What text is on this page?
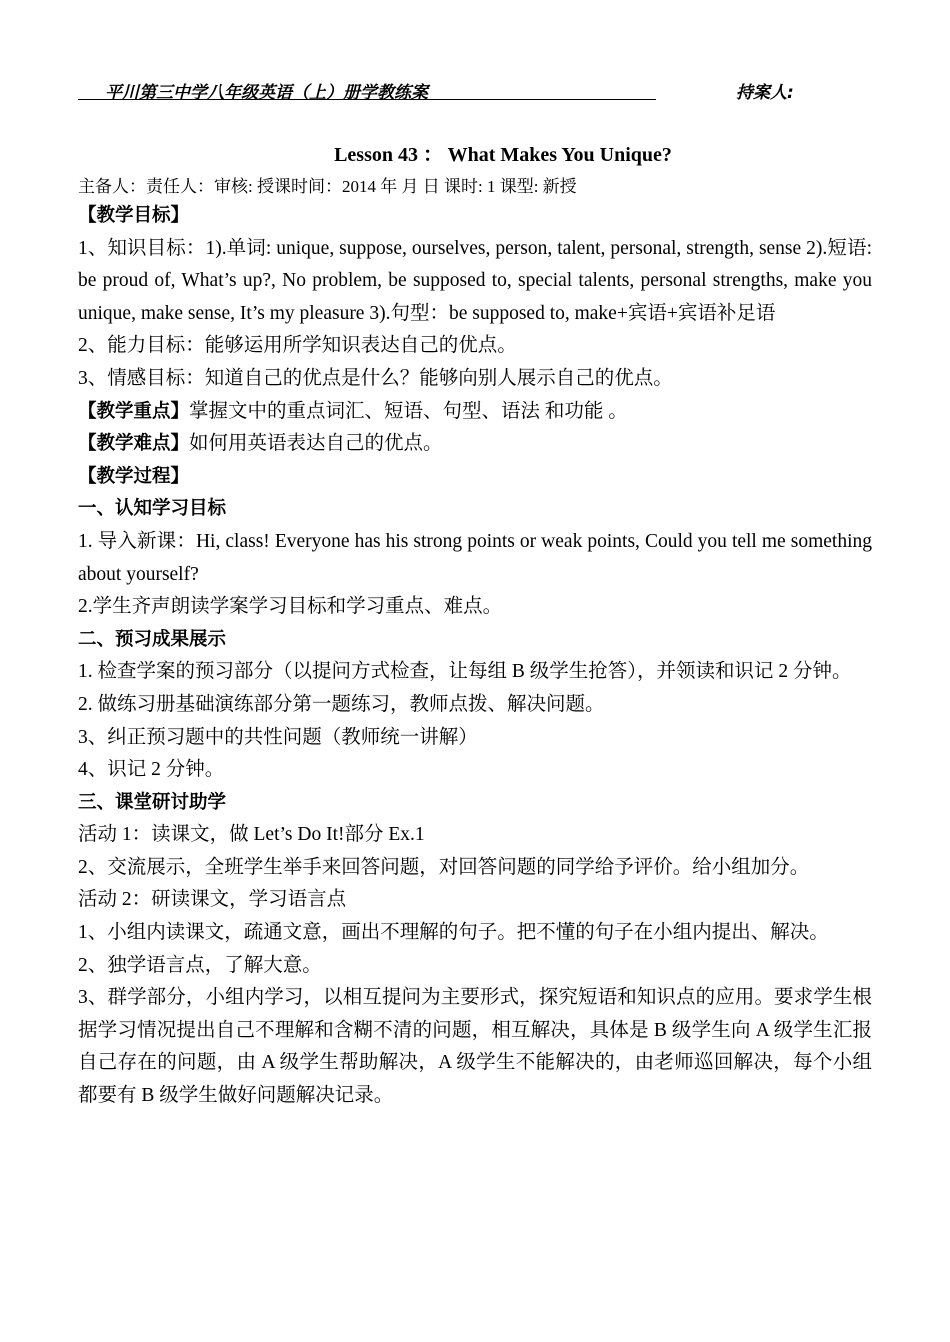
平川第三中学八年级英语（上）册学教练案	持案人:
Lesson 43 ： What Makes You Unique?
主备人：责任人：审核: 授课时间：2014 年 月 日 课时: 1 课型: 新授

【教学目标】

1、知识目标：1).单词: unique, suppose, ourselves, person, talent, personal, strength, sense 2).短语: be proud of, What’s up?, No problem, be supposed to, special talents, personal strengths, make you unique, make sense, It’s my pleasure 3).句型：be supposed to, make+宾语+宾语补足语

2、能力目标：能够运用所学知识表达自己的优点。

3、情感目标：知道自己的优点是什么？能够向别人展示自己的优点。

【教学重点】掌握文中的重点词汇、短语、句型、语法 和功能 。

【教学难点】如何用英语表达自己的优点。

【教学过程】

一、认知学习目标

1. 导入新课：Hi, class! Everyone has his strong points or weak points, Could you tell me something about yourself?

2.学生齐声朗读学案学习目标和学习重点、难点。

二、预习成果展示

1. 检查学案的预习部分（以提问方式检查，让每组 B 级学生抢答），并领读和识记 2 分钟。

2. 做练习册基础演练部分第一题练习，教师点拨、解决问题。

3、纠正预习题中的共性问题（教师统一讲解）

4、识记 2 分钟。

三、课堂研讨助学

活动 1：读课文，做 Let’s Do It!部分 Ex.1

2、交流展示，全班学生举手来回答问题，对回答问题的同学给予评价。给小组加分。

活动 2：研读课文，学习语言点

1、小组内读课文，疏通文意，画出不理解的句子。把不懂的句子在小组内提出、解决。

2、独学语言点，了解大意。

3、群学部分，小组内学习，以相互提问为主要形式，探究短语和知识点的应用。要求学生根据学习情况提出自己不理解和含糊不清的问题，相互解决，具体是 B 级学生向 A 级学生汇报自己存在的问题，由 A 级学生帮助解决，A 级学生不能解决的，由老师巡回解决，每个小组都要有 B 级学生做好问题解决记录。
